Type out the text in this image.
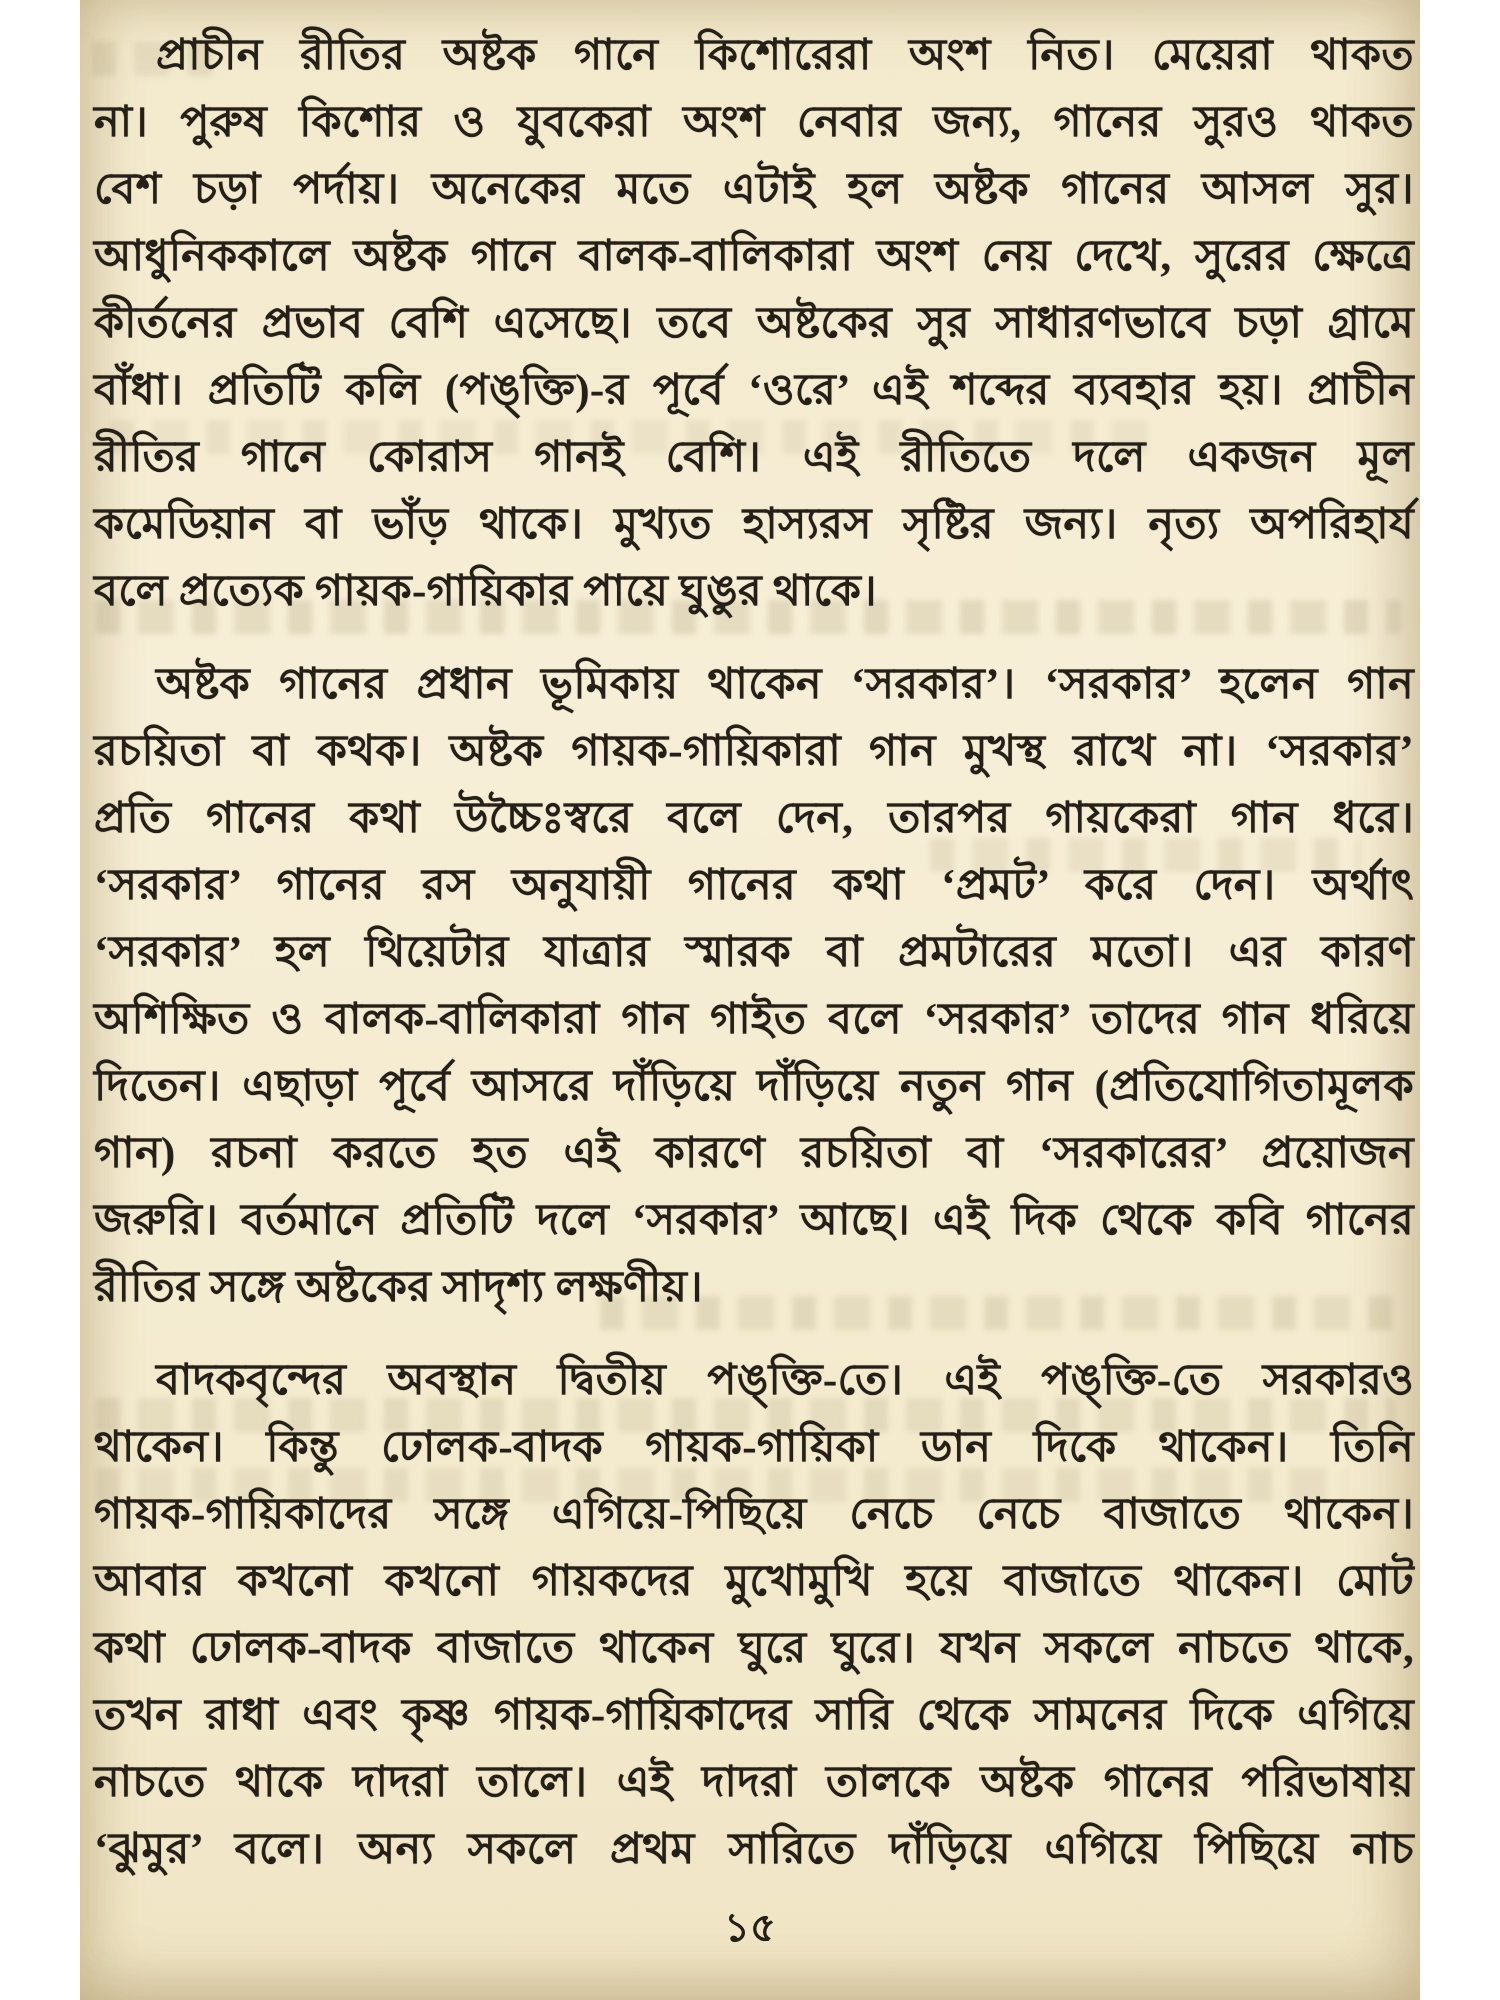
প্রাচীন রীতির অষ্টক গানে কিশোরেরা অংশ নিত। মেয়েরা থাকত
না। পুরুষ কিশোর ও যুবকেরা অংশ নেবার জন্য, গানের সুরও থাকত
বেশ চড়া পর্দায়। অনেকের মতে এটাই হল অষ্টক গানের আসল সুর।
আধুনিককালে অষ্টক গানে বালক-বালিকারা অংশ নেয় দেখে, সুরের ক্ষেত্রে
কীর্তনের প্রভাব বেশি এসেছে। তবে অষ্টকের সুর সাধারণভাবে চড়া গ্রামে
বাঁধা। প্রতিটি কলি (পঙ্‌ক্তি)-র পূর্বে ‘ওরে’ এই শব্দের ব্যবহার হয়। প্রাচীন
রীতির গানে কোরাস গানই বেশি। এই রীতিতে দলে একজন মূল
কমেডিয়ান বা ভাঁড় থাকে। মুখ্যত হাস্যরস সৃষ্টির জন্য। নৃত্য অপরিহার্য
বলে প্রত্যেক গায়ক-গায়িকার পায়ে ঘুঙুর থাকে।
অষ্টক গানের প্রধান ভূমিকায় থাকেন ‘সরকার’। ‘সরকার’ হলেন গান
রচয়িতা বা কথক। অষ্টক গায়ক-গায়িকারা গান মুখস্থ রাখে না। ‘সরকার’
প্রতি গানের কথা উচ্চৈঃস্বরে বলে দেন, তারপর গায়কেরা গান ধরে।
‘সরকার’ গানের রস অনুযায়ী গানের কথা ‘প্রমট’ করে দেন। অর্থাৎ
‘সরকার’ হল থিয়েটার যাত্রার স্মারক বা প্রমটারের মতো। এর কারণ
অশিক্ষিত ও বালক-বালিকারা গান গাইত বলে ‘সরকার’ তাদের গান ধরিয়ে
দিতেন। এছাড়া পূর্বে আসরে দাঁড়িয়ে দাঁড়িয়ে নতুন গান (প্রতিযোগিতামূলক
গান) রচনা করতে হত এই কারণে রচয়িতা বা ‘সরকারের’ প্রয়োজন
জরুরি। বর্তমানে প্রতিটি দলে ‘সরকার’ আছে। এই দিক থেকে কবি গানের
রীতির সঙ্গে অষ্টকের সাদৃশ্য লক্ষণীয়।
বাদকবৃন্দের অবস্থান দ্বিতীয় পঙ্‌ক্তি-তে। এই পঙ্‌ক্তি-তে সরকারও
থাকেন। কিন্তু ঢোলক-বাদক গায়ক-গায়িকা ডান দিকে থাকেন। তিনি
গায়ক-গায়িকাদের সঙ্গে এগিয়ে-পিছিয়ে নেচে নেচে বাজাতে থাকেন।
আবার কখনো কখনো গায়কদের মুখোমুখি হয়ে বাজাতে থাকেন। মোট
কথা ঢোলক-বাদক বাজাতে থাকেন ঘুরে ঘুরে। যখন সকলে নাচতে থাকে,
তখন রাধা এবং কৃষ্ণ গায়ক-গায়িকাদের সারি থেকে সামনের দিকে এগিয়ে
নাচতে থাকে দাদরা তালে। এই দাদরা তালকে অষ্টক গানের পরিভাষায়
‘ঝুমুর’ বলে। অন্য সকলে প্রথম সারিতে দাঁড়িয়ে এগিয়ে পিছিয়ে নাচ
১৫
